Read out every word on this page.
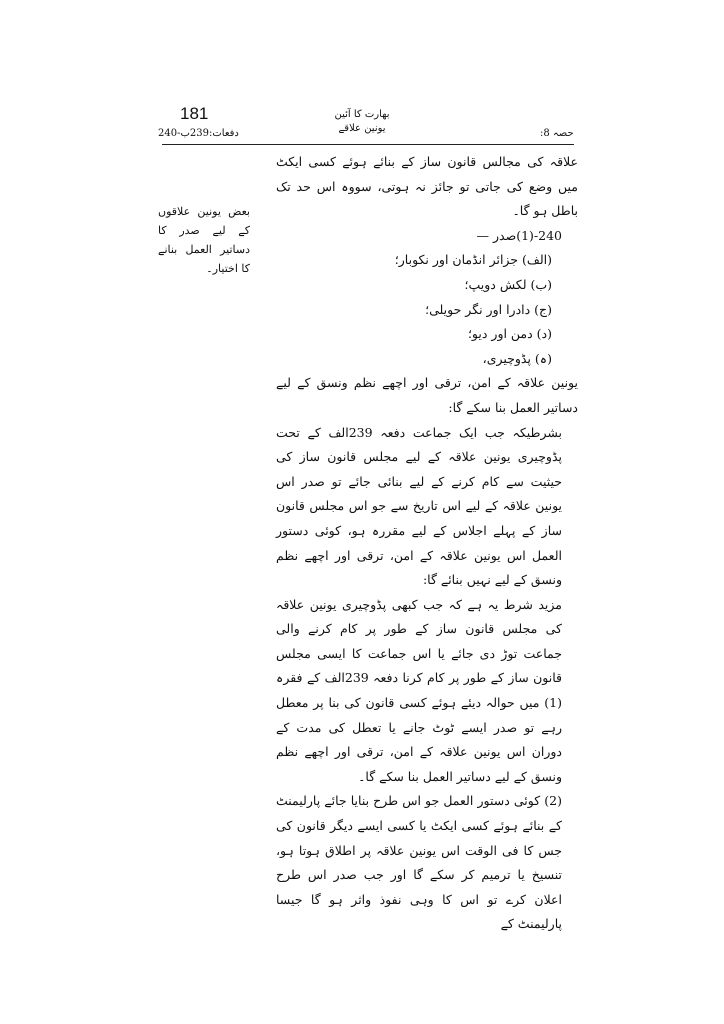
181	بھارت کا آئین
یونین علاقے
دفعات:239ب-240	حصہ 8:
بعض یونین علاقوں کے لیے صدر کا دساتیر العمل بنانے کا اختیار۔

علاقہ کی مجالس قانون ساز کے بنائے ہوئے کسی ایکٹ میں وضع کی جاتی تو جائز نہ ہوتی، سووہ اس حد تک باطل ہو گا۔

240-(1)صدر —

(الف) جزائر انڈمان اور نکوبار؛

(ب) لکش دویپ؛

(ج) دادرا اور نگر حویلی؛

(د) دمن اور دیو؛

(ہ) پڈوچیری،

یونین علاقہ کے امن، ترقی اور اچھے نظم ونسق کے لیے دساتیر العمل بنا سکے گا:

بشرطیکہ جب ایک جماعت دفعہ 239الف کے تحت پڈوچیری یونین علاقہ کے لیے مجلس قانون ساز کی حیثیت سے کام کرنے کے لیے بنائی جائے تو صدر اس یونین علاقہ کے لیے اس تاریخ سے جو اس مجلس قانون ساز کے پہلے اجلاس کے لیے مقررہ ہو، کوئی دستور العمل اس یونین علاقہ کے امن، ترقی اور اچھے نظم ونسق کے لیے نہیں بنائے گا:

مزید شرط یہ ہے کہ جب کبھی پڈوچیری یونین علاقہ کی مجلس قانون ساز کے طور پر کام کرنے والی جماعت توڑ دی جائے یا اس جماعت کا ایسی مجلس قانون ساز کے طور پر کام کرنا دفعہ 239الف کے فقرہ (1) میں حوالہ دیئے ہوئے کسی قانون کی بنا پر معطل رہے تو صدر ایسے ٹوٹ جانے یا تعطل کی مدت کے دوران اس یونین علاقہ کے امن، ترقی اور اچھے نظم ونسق کے لیے دساتیر العمل بنا سکے گا۔

(2) کوئی دستور العمل جو اس طرح بنایا جائے پارلیمنٹ کے بنائے ہوئے کسی ایکٹ یا کسی ایسے دیگر قانون کی جس کا فی الوقت اس یونین علاقہ پر اطلاق ہوتا ہو، تنسیخ یا ترمیم کر سکے گا اور جب صدر اس طرح اعلان کرے تو اس کا وہی نفوذ واثر ہو گا جیسا پارلیمنٹ کے
